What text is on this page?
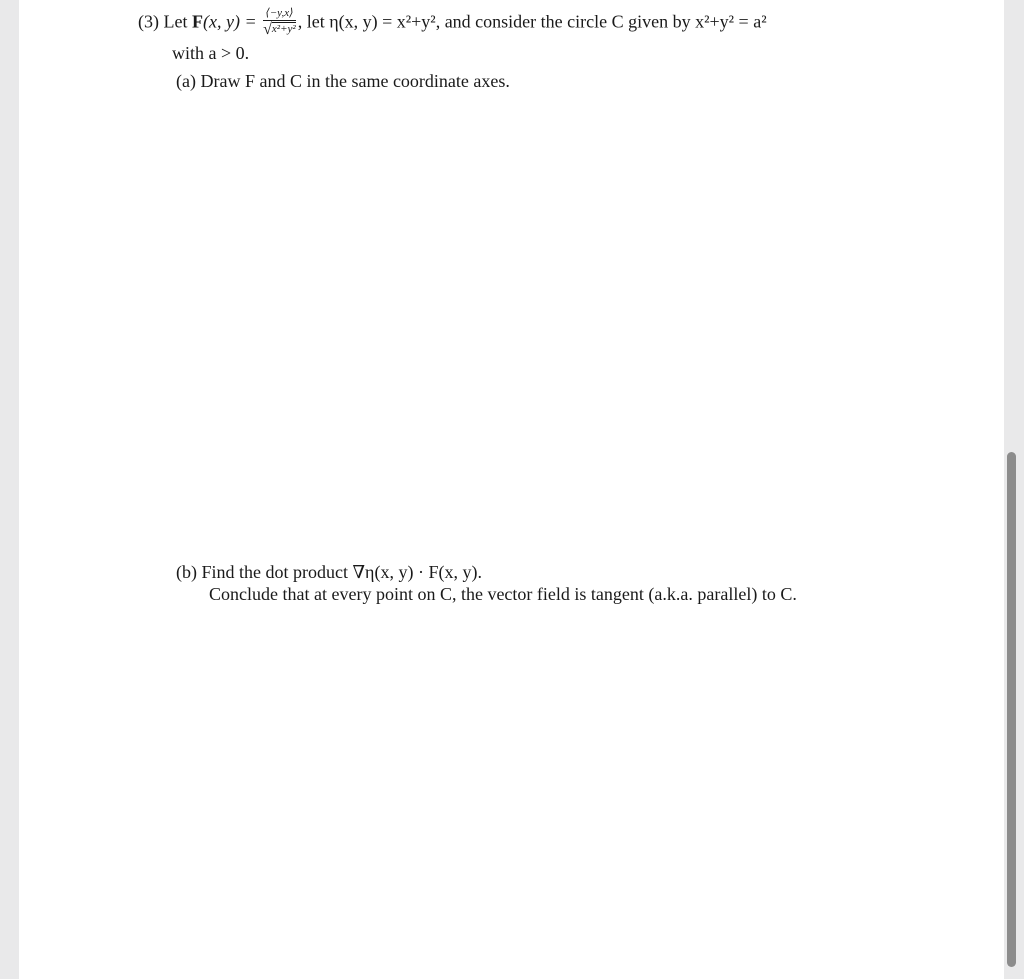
(3) Let F(x, $y) = \frac{⟨-y,x⟩}{\text{√x²+y²}}$ , let η(x, y) = x²+y², and consider the circle C given by x²+y² = a²
with a > 0.
(a) Draw F and C in the same coordinate axes.
(b) Find the dot product ∇η(x, y) · F(x, y).
Conclude that at every point on C, the vector field is tangent (a.k.a. parallel) to C.
